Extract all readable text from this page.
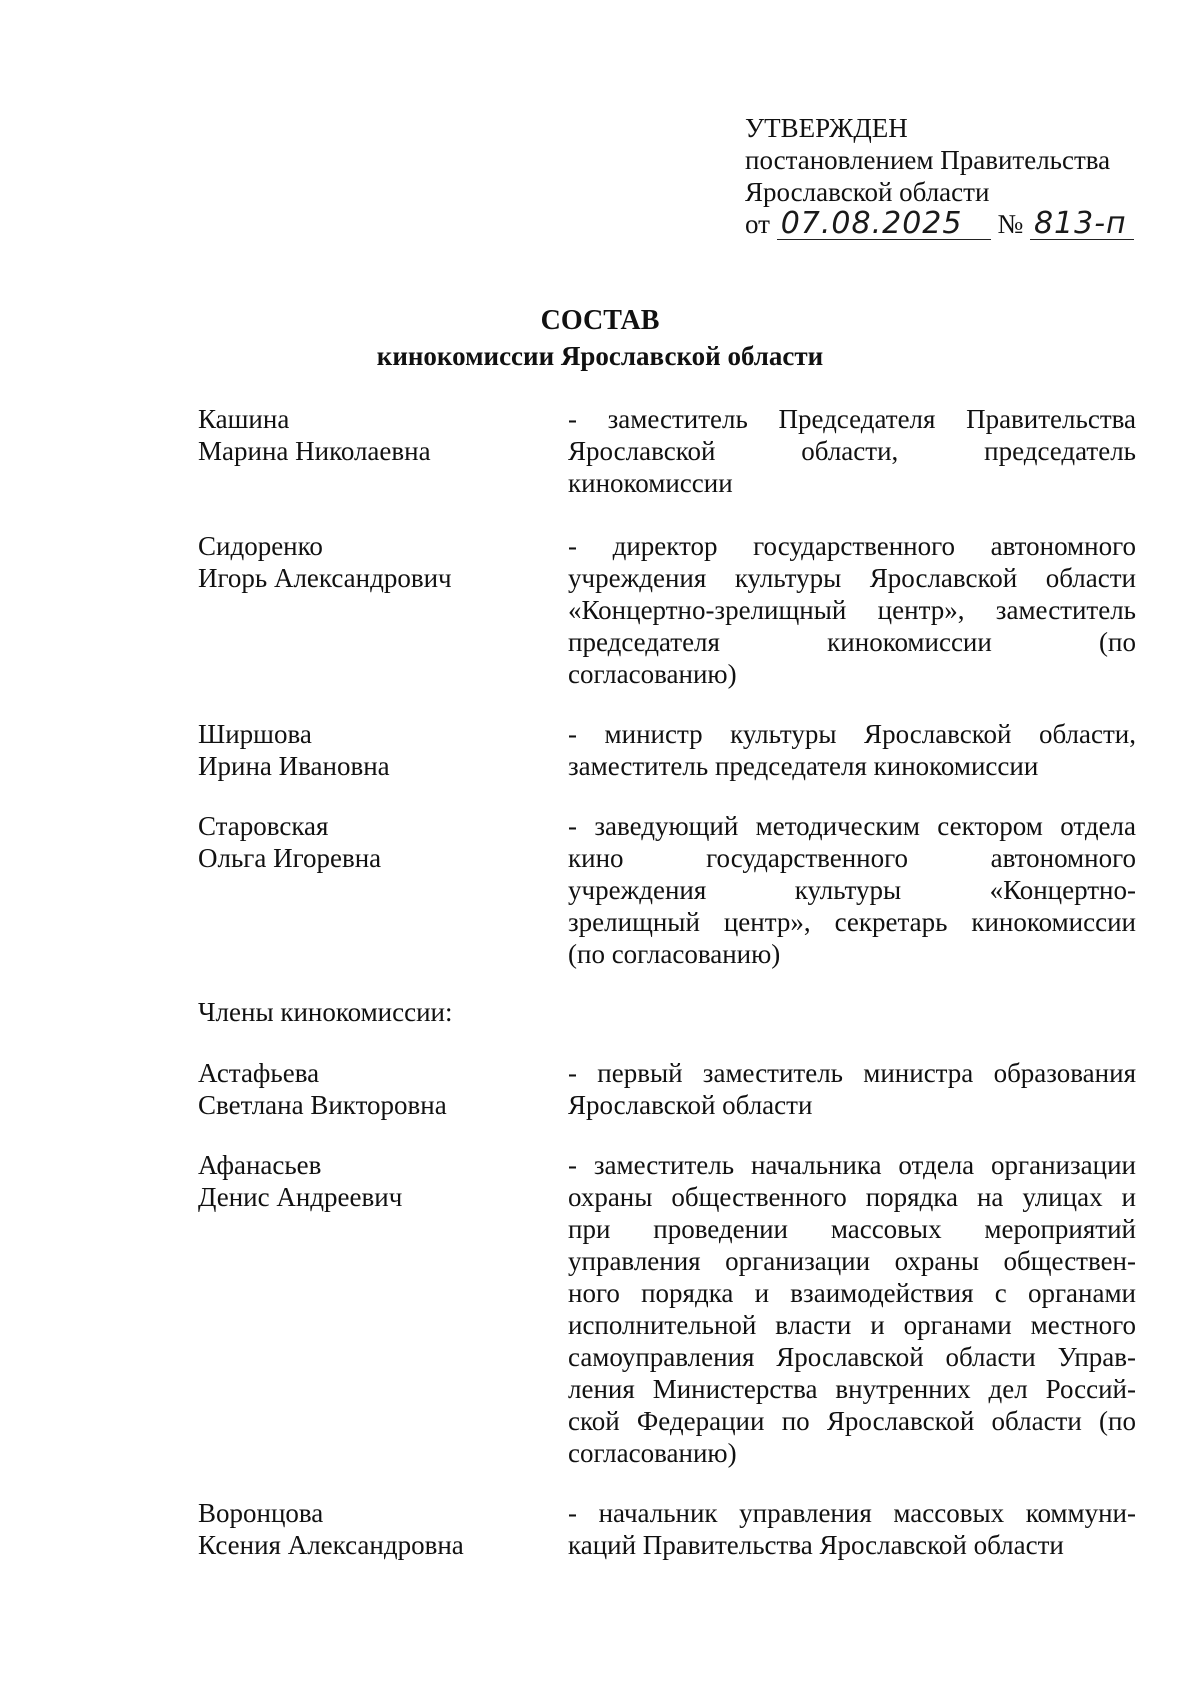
УТВЕРЖДЕН
постановлением Правительства
Ярославской области
от 07.08.2025 № 813-п
СОСТАВ
кинокомиссии Ярославской области
Кашина
Марина Николаевна
- заместитель Председателя Правительства
Ярославской области, председатель
кинокомиссии
Сидоренко
Игорь Александрович
- директор государственного автономного
учреждения культуры Ярославской области
«Концертно-зрелищный центр», заместитель
председателя кинокомиссии (по
согласованию)
Ширшова
Ирина Ивановна
- министр культуры Ярославской области,
заместитель председателя кинокомиссии
Старовская
Ольга Игоревна
- заведующий методическим сектором отдела
кино государственного автономного
учреждения культуры «Концертно-
зрелищный центр», секретарь кинокомиссии
(по согласованию)
Члены кинокомиссии:
Астафьева
Светлана Викторовна
- первый заместитель министра образования
Ярославской области
Афанасьев
Денис Андреевич
- заместитель начальника отдела организации
охраны общественного порядка на улицах и
при проведении массовых мероприятий
управления организации охраны обществен-
ного порядка и взаимодействия с органами
исполнительной власти и органами местного
самоуправления Ярославской области Управ-
ления Министерства внутренних дел Россий-
ской Федерации по Ярославской области (по
согласованию)
Воронцова
Ксения Александровна
- начальник управления массовых коммуни-
каций Правительства Ярославской области
